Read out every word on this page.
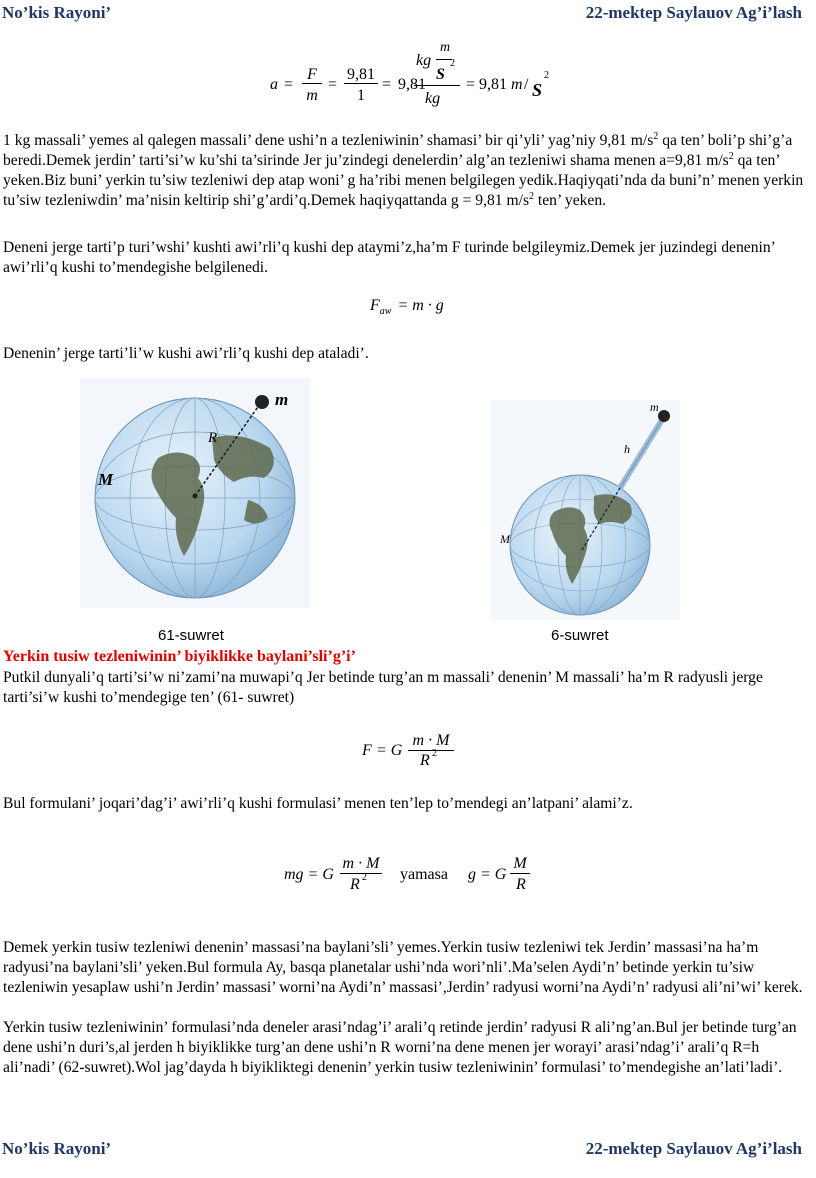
No’kis Rayoni’	22-mektep Saylauov Ag’i’lash
a =
F
m
=
9,81
1
= 9,81
m
kg 2
S
kg
= 9,81 m / S
2

1 kg massali’ yemes al qalegen massali’ dene ushi’n a tezleniwinin’ shamasi’ bir qi’yli’ yag’niy 9,81 $m/s^2$ qa ten’ boli’p shi’g’a beredi.Demek jerdin’ tarti’si’w ku’shi ta’sirinde Jer ju’zindegi denelerdin’ alg’an tezleniwi shama menen a=9,81 $m/s^2$ qa ten’ yeken.Biz buni’ yerkin tu’siw tezleniwi dep atap woni’ g ha’ribi menen belgilegen yedik.Haqiyqati’nda da buni’n’ menen yerkin tu’siw tezleniwdin’ ma’nisin keltirip shi’g’ardi’q.Demek haqiyqattanda g = 9,81 $m/s^2$ ten’ yeken.

Deneni jerge tarti’p turi’wshi’ kushti awi’rli’q kushi dep ataymi’z,ha’m F turinde belgileymiz.Demek jer juzindegi denenin’ awi’rli’q kushi to’mendegishe belgilenedi.

$F_{aw} = m \cdot g$

Denenin’ jerge tarti’li’w kushi awi’rli’q kushi dep ataladi’.

m
R
M
61-suwret
m
h
M
6-suwret
Yerkin tusiw tezleniwinin’ biyiklikke baylani’sli’g’i’

Putkil dunyali’q tarti’si’w ni’zami’na muwapi’q Jer betinde turg’an m massali’ denenin’ M massali’ ha’m R radyusli jerge tarti’si’w kushi to’mendegige ten’ (61- suwret)

F = G
m · M
R 2

Bul formulani’ joqari’dag’i’ awi’rli’q kushi formulasi’ menen ten’lep to’mendegi an’latpani’ alami’z.

mg = G
m · M
R 2 yamasa g = G
M
R

Demek yerkin tusiw tezleniwi denenin’ massasi’na baylani’sli’ yemes.Yerkin tusiw tezleniwi tek Jerdin’ massasi’na ha’m radyusi’na baylani’sli’ yeken.Bul formula Ay, basqa planetalar ushi’nda wori’nli’.Ma’selen Aydi’n’ betinde yerkin tu’siw tezleniwin yesaplaw ushi’n Jerdin’ massasi’ worni’na Aydi’n’ massasi’,Jerdin’ radyusi worni’na Aydi’n’ radyusi ali’ni’wi’ kerek.

Yerkin tusiw tezleniwinin’ formulasi’nda deneler arasi’ndag’i’ arali’q retinde jerdin’ radyusi R ali’ng’an.Bul jer betinde turg’an dene ushi’n duri’s,al jerden h biyiklikke turg’an dene ushi’n R worni’na dene menen jer worayi’ arasi’ndag’i’ arali’q R=h ali’nadi’ (62-suwret).Wol jag’dayda h biyikliktegi denenin’ yerkin tusiw tezleniwinin’ formulasi’ to’mendegishe an’lati’ladi’.

No’kis Rayoni’	22-mektep Saylauov Ag’i’lash
